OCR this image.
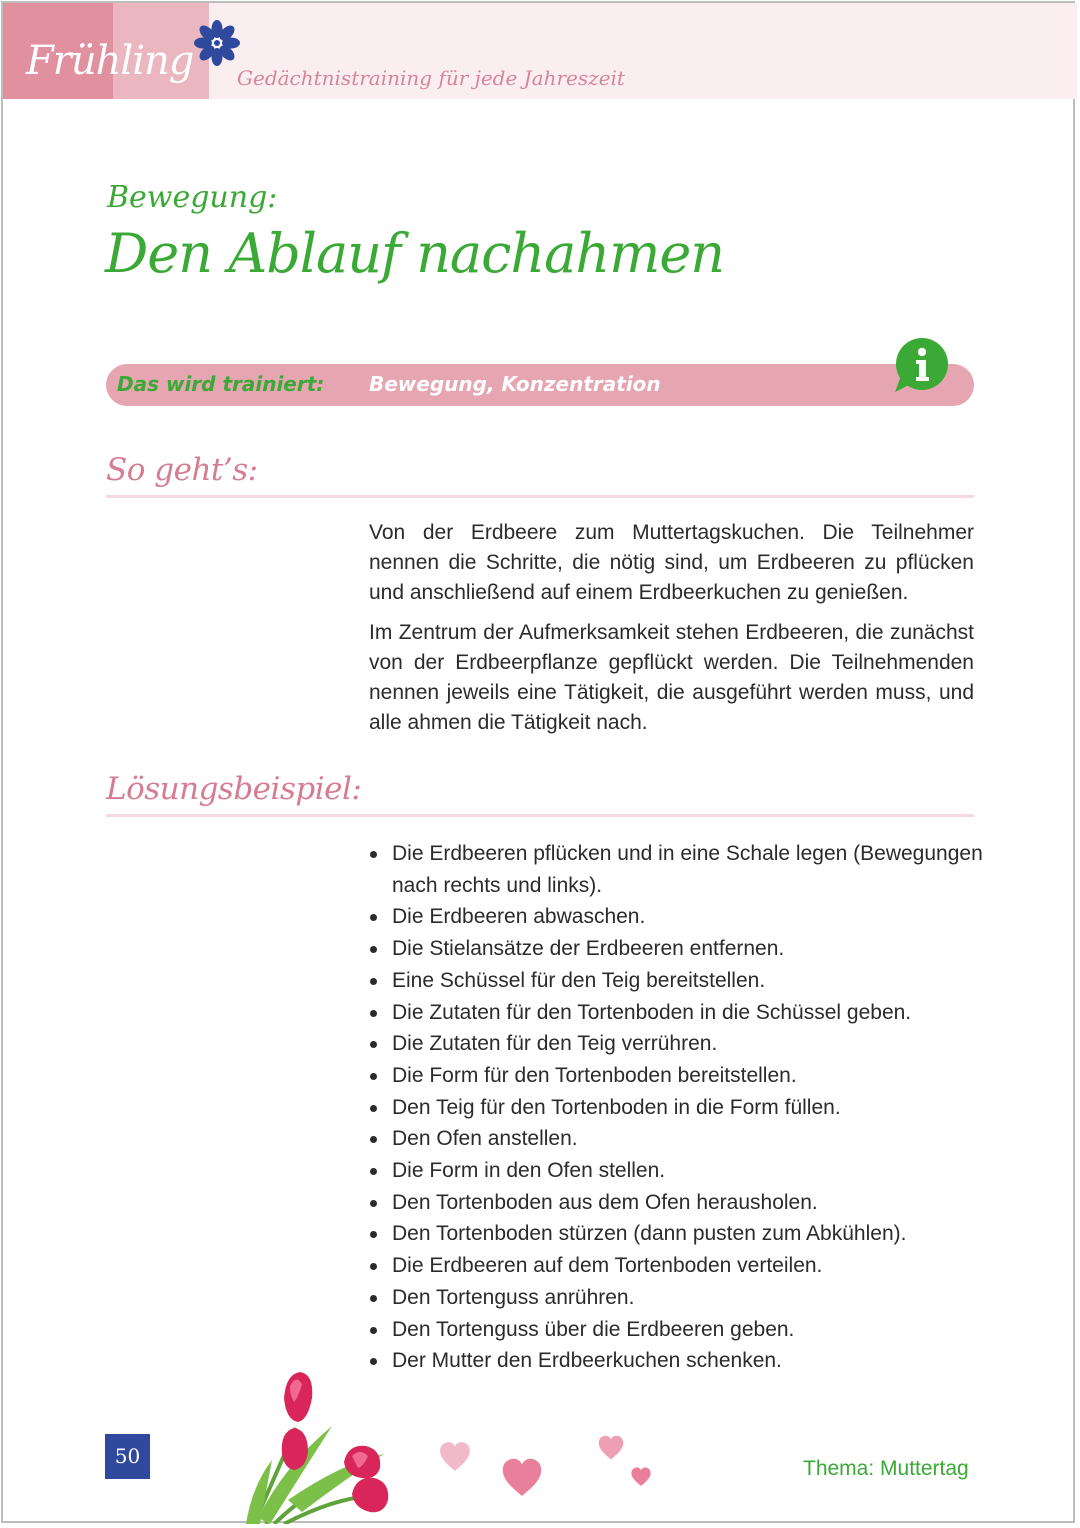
Frühling Gedächtnistraining für jede Jahreszeit
Bewegung:
Den Ablauf nachahmen
Das wird trainiert: Bewegung, Konzentration
So geht’s:

Von der Erdbeere zum Muttertagskuchen. Die Teilnehmer nennen die Schritte, die nötig sind, um Erdbeeren zu pflücken und anschließend auf einem Erdbeerkuchen zu genießen.

Im Zentrum der Aufmerksamkeit stehen Erdbeeren, die zunächst von der Erdbeerpflanze gepflückt werden. Die Teilnehmenden nennen jeweils eine Tätigkeit, die ausgeführt werden muss, und alle ahmen die Tätigkeit nach.

Lösungsbeispiel:
Die Erdbeeren pflücken und in eine Schale legen (Bewegungen nach rechts und links).
Die Erdbeeren abwaschen.
Die Stielansätze der Erdbeeren entfernen.
Eine Schüssel für den Teig bereitstellen.
Die Zutaten für den Tortenboden in die Schüssel geben.
Die Zutaten für den Teig verrühren.
Die Form für den Tortenboden bereitstellen.
Den Teig für den Tortenboden in die Form füllen.
Den Ofen anstellen.
Die Form in den Ofen stellen.
Den Tortenboden aus dem Ofen herausholen.
Den Tortenboden stürzen (dann pusten zum Abkühlen).
Die Erdbeeren auf dem Tortenboden verteilen.
Den Tortenguss anrühren.
Den Tortenguss über die Erdbeeren geben.
Der Mutter den Erdbeerkuchen schenken.
50
Thema: Muttertag
